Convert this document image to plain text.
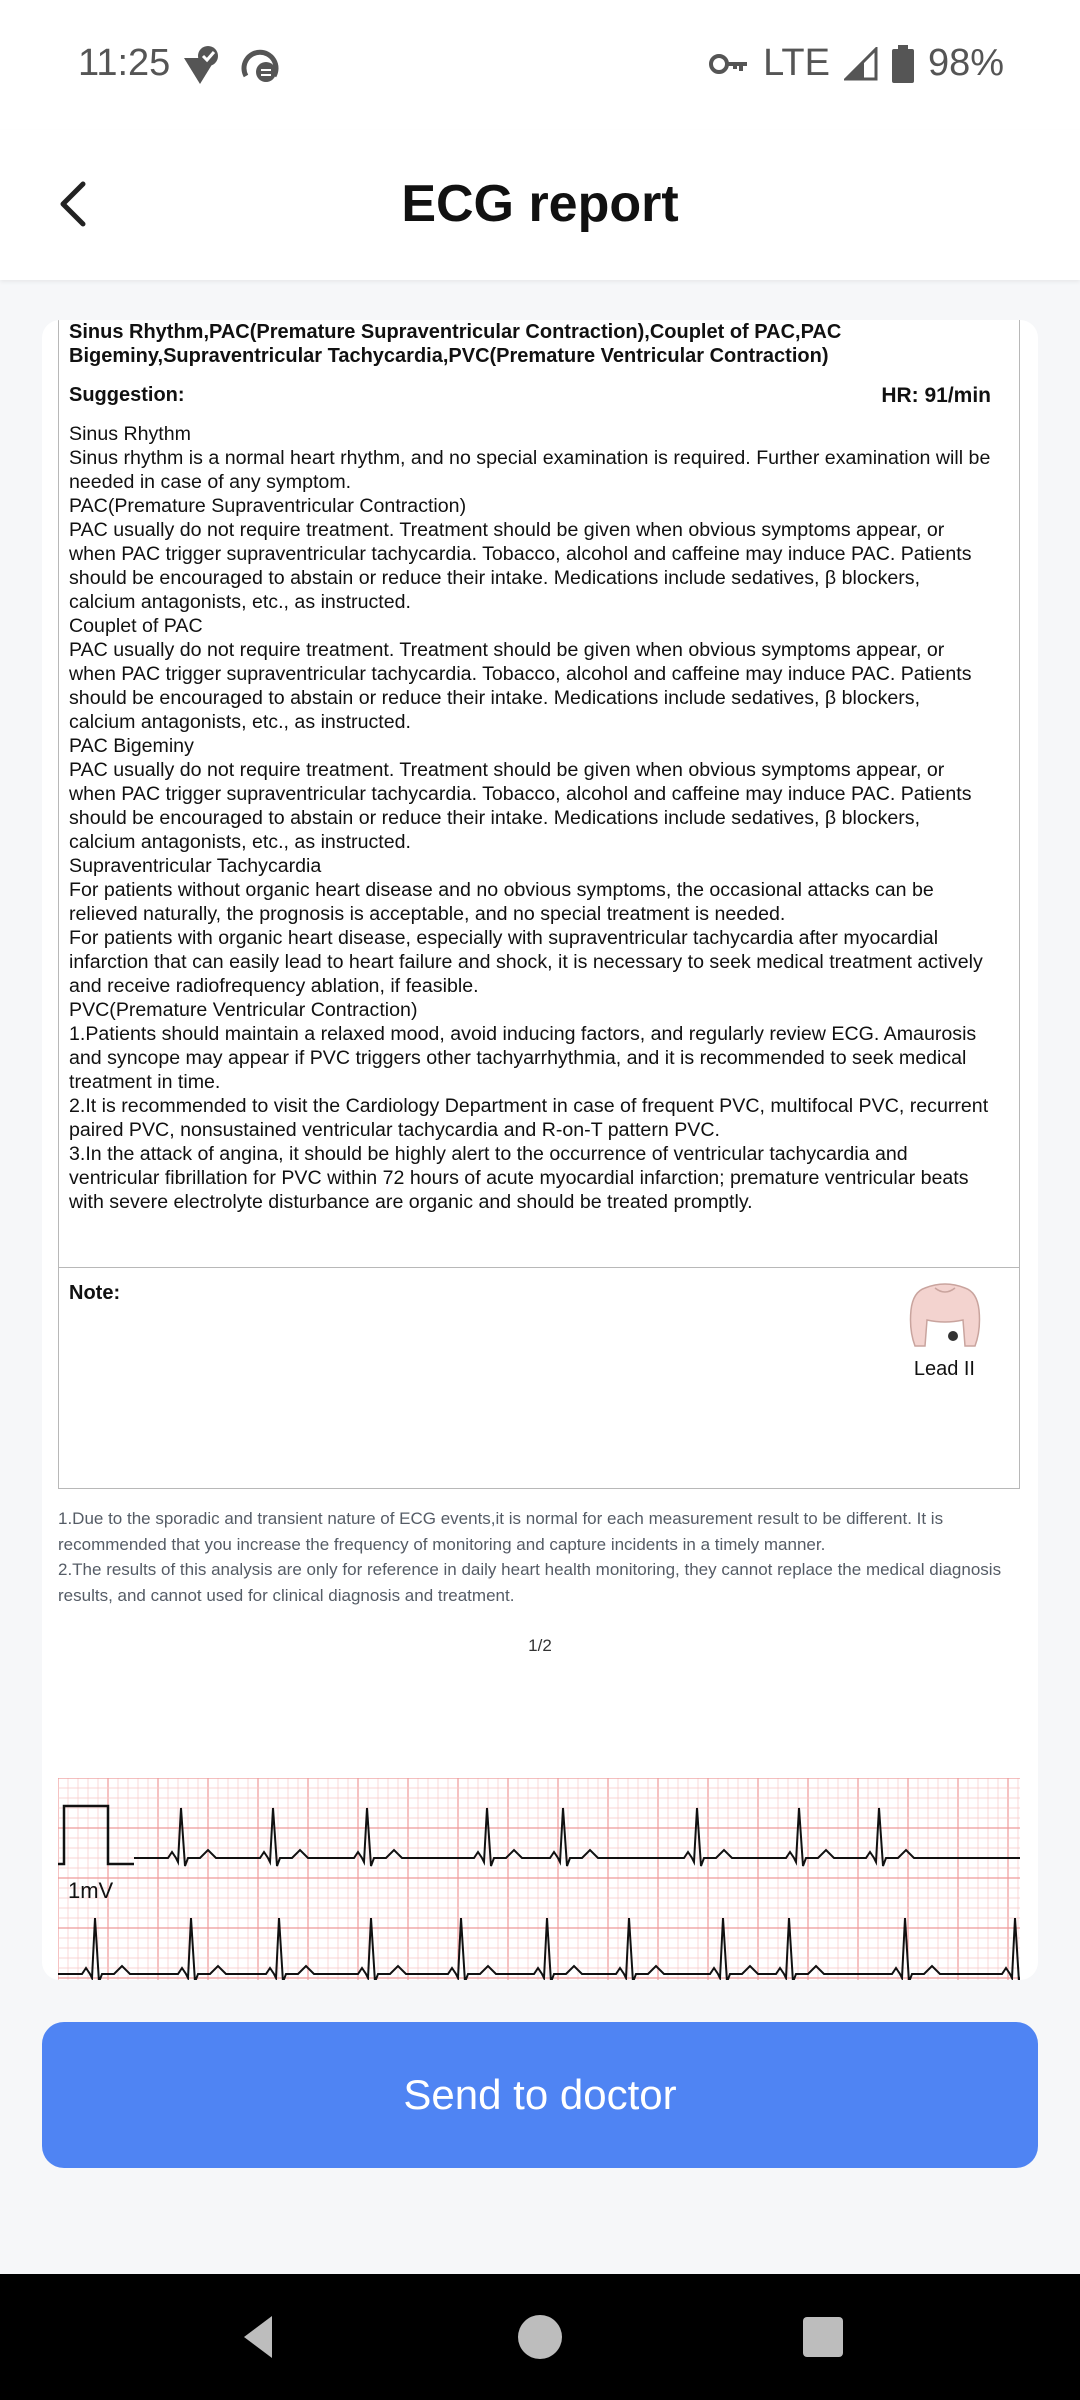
11:25	LTE	98%
ECG report
Sinus Rhythm,PAC(Premature Supraventricular Contraction),Couplet of PAC,PAC Bigeminy,Supraventricular Tachycardia,PVC(Premature Ventricular Contraction)
Suggestion:	HR: 91/min
Sinus Rhythm
Sinus rhythm is a normal heart rhythm, and no special examination is required. Further examination will be needed in case of any symptom.
PAC(Premature Supraventricular Contraction)
PAC usually do not require treatment. Treatment should be given when obvious symptoms appear, or when PAC trigger supraventricular tachycardia. Tobacco, alcohol and caffeine may induce PAC. Patients should be encouraged to abstain or reduce their intake. Medications include sedatives, β blockers, calcium antagonists, etc., as instructed.
Couplet of PAC
PAC usually do not require treatment. Treatment should be given when obvious symptoms appear, or when PAC trigger supraventricular tachycardia. Tobacco, alcohol and caffeine may induce PAC. Patients should be encouraged to abstain or reduce their intake. Medications include sedatives, β blockers, calcium antagonists, etc., as instructed.
PAC Bigeminy
PAC usually do not require treatment. Treatment should be given when obvious symptoms appear, or when PAC trigger supraventricular tachycardia. Tobacco, alcohol and caffeine may induce PAC. Patients should be encouraged to abstain or reduce their intake. Medications include sedatives, β blockers, calcium antagonists, etc., as instructed.
Supraventricular Tachycardia
For patients without organic heart disease and no obvious symptoms, the occasional attacks can be relieved naturally, the prognosis is acceptable, and no special treatment is needed.
For patients with organic heart disease, especially with supraventricular tachycardia after myocardial infarction that can easily lead to heart failure and shock, it is necessary to seek medical treatment actively and receive radiofrequency ablation, if feasible.
PVC(Premature Ventricular Contraction)
1.Patients should maintain a relaxed mood, avoid inducing factors, and regularly review ECG. Amaurosis and syncope may appear if PVC triggers other tachyarrhythmia, and it is recommended to seek medical treatment in time.
2.It is recommended to visit the Cardiology Department in case of frequent PVC, multifocal PVC, recurrent paired PVC, nonsustained ventricular tachycardia and R-on-T pattern PVC.
3.In the attack of angina, it should be highly alert to the occurrence of ventricular tachycardia and ventricular fibrillation for PVC within 72 hours of acute myocardial infarction; premature ventricular beats with severe electrolyte disturbance are organic and should be treated promptly.
Note:
Lead II
1.Due to the sporadic and transient nature of ECG events,it is normal for each measurement result to be different. It is recommended that you increase the frequency of monitoring and capture incidents in a timely manner.
2.The results of this analysis are only for reference in daily heart health monitoring, they cannot replace the medical diagnosis results, and cannot used for clinical diagnosis and treatment.
1/2
1mV
Send to doctor
